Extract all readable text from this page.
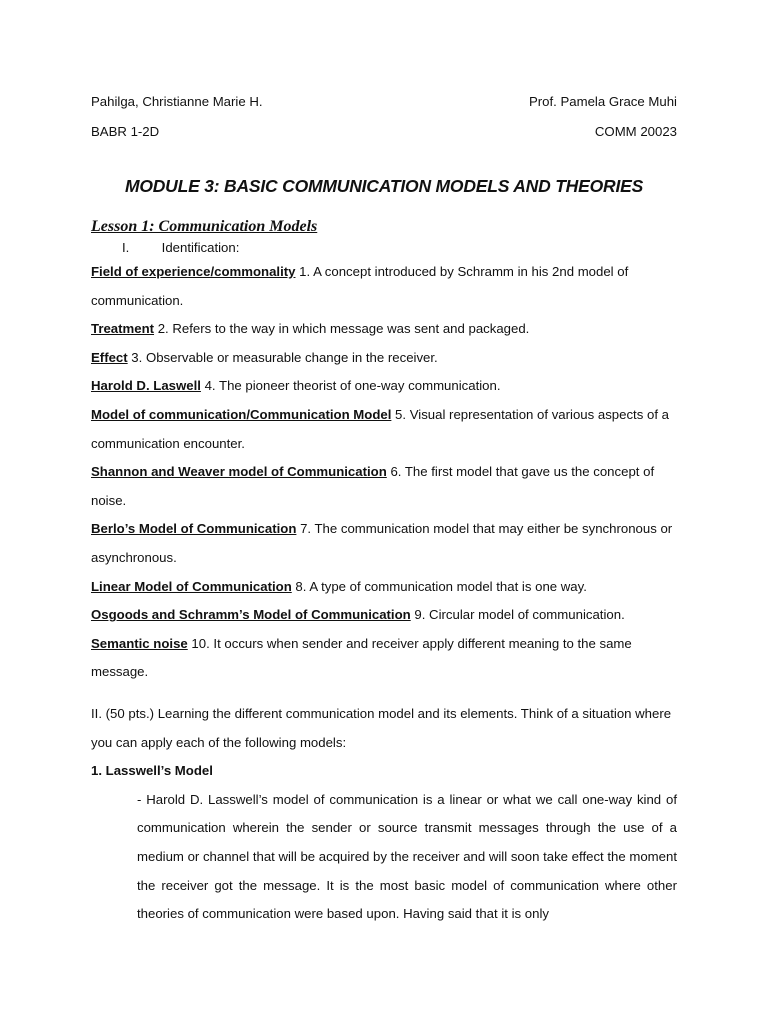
Pahilga, Christianne Marie H.	Prof. Pamela Grace Muhi
BABR 1-2D	COMM 20023
MODULE 3: BASIC COMMUNICATION MODELS AND THEORIES
Lesson 1: Communication Models
I. Identification:

Field of experience/commonality 1. A concept introduced by Schramm in his 2nd model of communication.

Treatment 2. Refers to the way in which message was sent and packaged.

Effect 3. Observable or measurable change in the receiver.

Harold D. Laswell 4. The pioneer theorist of one-way communication.

Model of communication/Communication Model 5. Visual representation of various aspects of a communication encounter.

Shannon and Weaver model of Communication 6. The first model that gave us the concept of noise.

Berlo’s Model of Communication 7. The communication model that may either be synchronous or asynchronous.

Linear Model of Communication 8. A type of communication model that is one way.

Osgoods and Schramm’s Model of Communication 9. Circular model of communication.

Semantic noise 10. It occurs when sender and receiver apply different meaning to the same message.

II. (50 pts.) Learning the different communication model and its elements. Think of a situation where you can apply each of the following models:

1. Lasswell’s Model

- Harold D. Lasswell’s model of communication is a linear or what we call one-way kind of communication wherein the sender or source transmit messages through the use of a medium or channel that will be acquired by the receiver and will soon take effect the moment the receiver got the message. It is the most basic model of communication where other theories of communication were based upon. Having said that it is only
